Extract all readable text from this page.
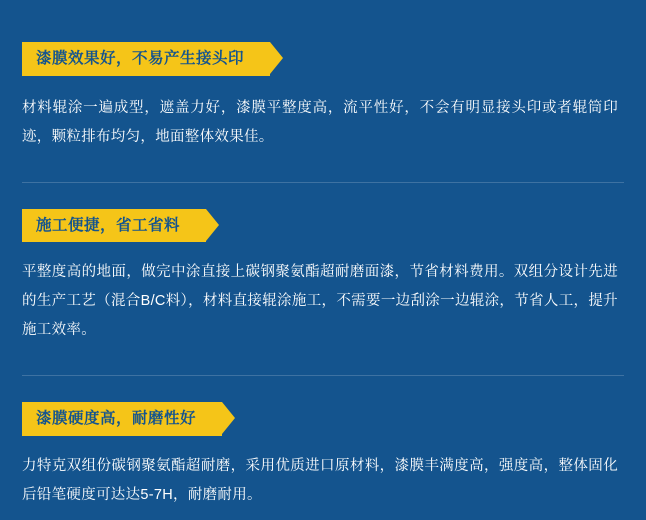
漆膜效果好，不易产生接头印
材料辊涂一遍成型，遮盖力好，漆膜平整度高，流平性好，不会有明显接头印或者辊筒印迹，颗粒排布均匀，地面整体效果佳。
施工便捷，省工省料
平整度高的地面，做完中涂直接上碳钢聚氨酯超耐磨面漆，节省材料费用。双组分设计先进的生产工艺（混合B/C料），材料直接辊涂施工，不需要一边刮涂一边辊涂，节省人工，提升施工效率。
漆膜硬度高，耐磨性好
力特克双组份碳钢聚氨酯超耐磨，采用优质进口原材料，漆膜丰满度高，强度高，整体固化后铅笔硬度可达达5-7H，耐磨耐用。
